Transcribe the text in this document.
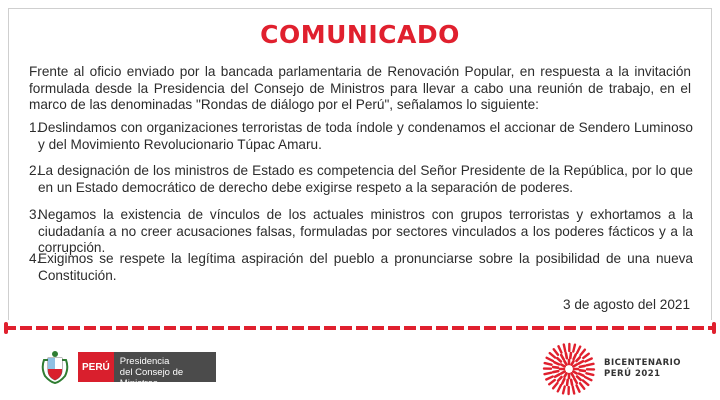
COMUNICADO

Frente al oficio enviado por la bancada parlamentaria de Renovación Popular, en respuesta a la invitación formulada desde la Presidencia del Consejo de Ministros para llevar a cabo una reunión de trabajo, en el marco de las denominadas "Rondas de diálogo por el Perú", señalamos lo siguiente:

1.
Deslindamos con organizaciones terroristas de toda índole y condenamos el accionar de Sendero Luminoso y del Movimiento Revolucionario Túpac Amaru.
2.
La designación de los ministros de Estado es competencia del Señor Presidente de la República, por lo que en un Estado democrático de derecho debe exigirse respeto a la separación de poderes.
3.
Negamos la existencia de vínculos de los actuales ministros con grupos terroristas y exhortamos a la ciudadanía a no creer acusaciones falsas, formuladas por sectores vinculados a los poderes fácticos y a la corrupción.
4.
Exigimos se respete la legítima aspiración del pueblo a pronunciarse sobre la posibilidad de una nueva Constitución.

3 de agosto del 2021

PERÚ	Presidencia
del Consejo de Ministros
BICENTENARIO
PERÚ 2021
